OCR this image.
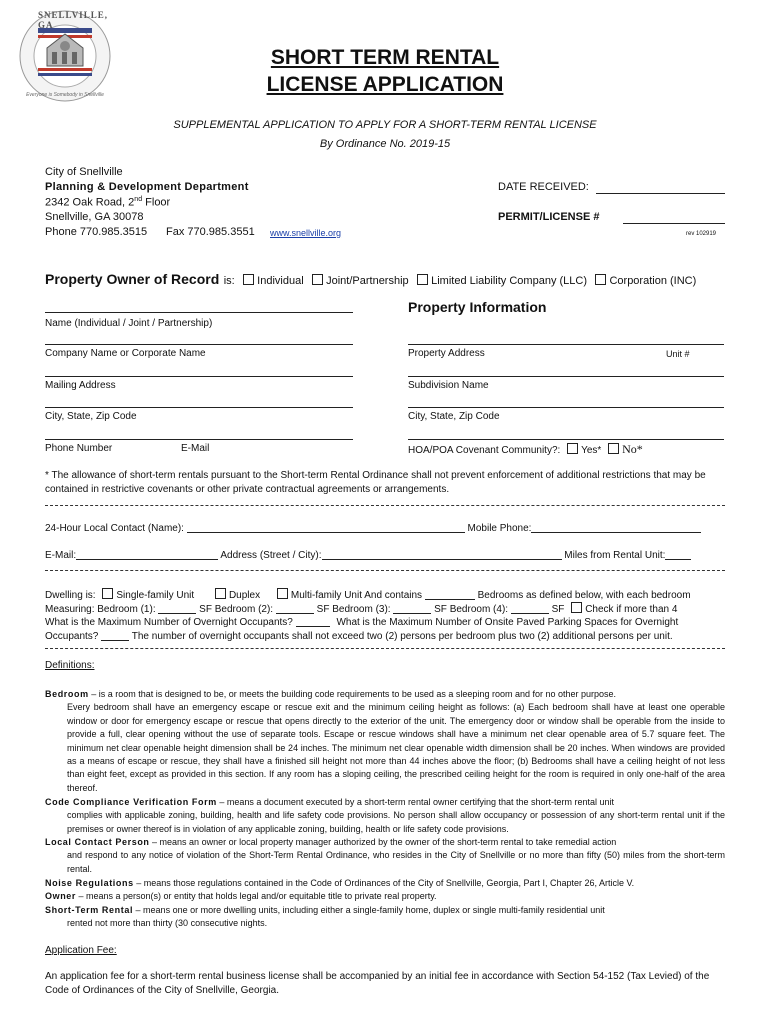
SNELLVILLE, GA
Everyone is Somebody in Snellville
SHORT TERM RENTAL
LICENSE APPLICATION
SUPPLEMENTAL APPLICATION TO APPLY FOR A SHORT-TERM RENTAL LICENSE
By Ordinance No. 2019-15
City of Snellville
Planning & Development Department
2342 Oak Road, 2nd Floor
Snellville, GA 30078
Phone 770.985.3515 Fax 770.985.3551 www.snellville.org
DATE RECEIVED:
PERMIT/LICENSE #
rev 102919
Property Owner of Record is: Individual Joint/Partnership Limited Liability Company (LLC) Corporation (INC)
Property Information
Name (Individual / Joint / Partnership)
Company Name or Corporate Name
Mailing Address
City, State, Zip Code
Phone Number	E-Mail
Property Address	Unit #
Subdivision Name
City, State, Zip Code
HOA/POA Covenant Community?: Yes* No*
* The allowance of short-term rentals pursuant to the Short-term Rental Ordinance shall not prevent enforcement of additional restrictions that may be contained in restrictive covenants or other private contractual agreements or arrangements.
24-Hour Local Contact (Name):	Mobile Phone:
E-Mail:	Address (Street / City):	Miles from Rental Unit:
Dwelling is: Single-family Unit	Duplex	Multi-family Unit And contains	Bedrooms as defined below, with each bedroom
Measuring: Bedroom (1):	SF Bedroom (2):	SF Bedroom (3):	SF Bedroom (4):	SF Check if more than 4
What is the Maximum Number of Overnight Occupants?	What is the Maximum Number of Onsite Paved Parking Spaces for Overnight
Occupants?	The number of overnight occupants shall not exceed two (2) persons per bedroom plus two (2) additional persons per unit.
Definitions:
Bedroom – is a room that is designed to be, or meets the building code requirements to be used as a sleeping room and for no other purpose.
Every bedroom shall have an emergency escape or rescue exit and the minimum ceiling height as follows: (a) Each bedroom shall have at least one operable window or door for emergency escape or rescue that opens directly to the exterior of the unit. The emergency door or window shall be operable from the inside to provide a full, clear opening without the use of separate tools. Escape or rescue windows shall have a minimum net clear openable area of 5.7 square feet. The minimum net clear openable height dimension shall be 24 inches. The minimum net clear openable width dimension shall be 20 inches. When windows are provided as a means of escape or rescue, they shall have a finished sill height not more than 44 inches above the floor; (b) Bedrooms shall have a ceiling height of not less than eight feet, except as provided in this section. If any room has a sloping ceiling, the prescribed ceiling height for the room is required in only one-half of the area thereof.
Code Compliance Verification Form – means a document executed by a short-term rental owner certifying that the short-term rental unit
complies with applicable zoning, building, health and life safety code provisions. No person shall allow occupancy or possession of any short-term rental unit if the premises or owner thereof is in violation of any applicable zoning, building, health or life safety code provisions.
Local Contact Person – means an owner or local property manager authorized by the owner of the short-term rental to take remedial action
and respond to any notice of violation of the Short-Term Rental Ordinance, who resides in the City of Snellville or no more than fifty (50) miles from the short-term rental.
Noise Regulations – means those regulations contained in the Code of Ordinances of the City of Snellville, Georgia, Part I, Chapter 26, Article V.
Owner – means a person(s) or entity that holds legal and/or equitable title to private real property.
Short-Term Rental – means one or more dwelling units, including either a single-family home, duplex or single multi-family residential unit
rented not more than thirty (30 consecutive nights.
Application Fee:
An application fee for a short-term rental business license shall be accompanied by an initial fee in accordance with Section 54-152 (Tax Levied) of the Code of Ordinances of the City of Snellville, Georgia.
